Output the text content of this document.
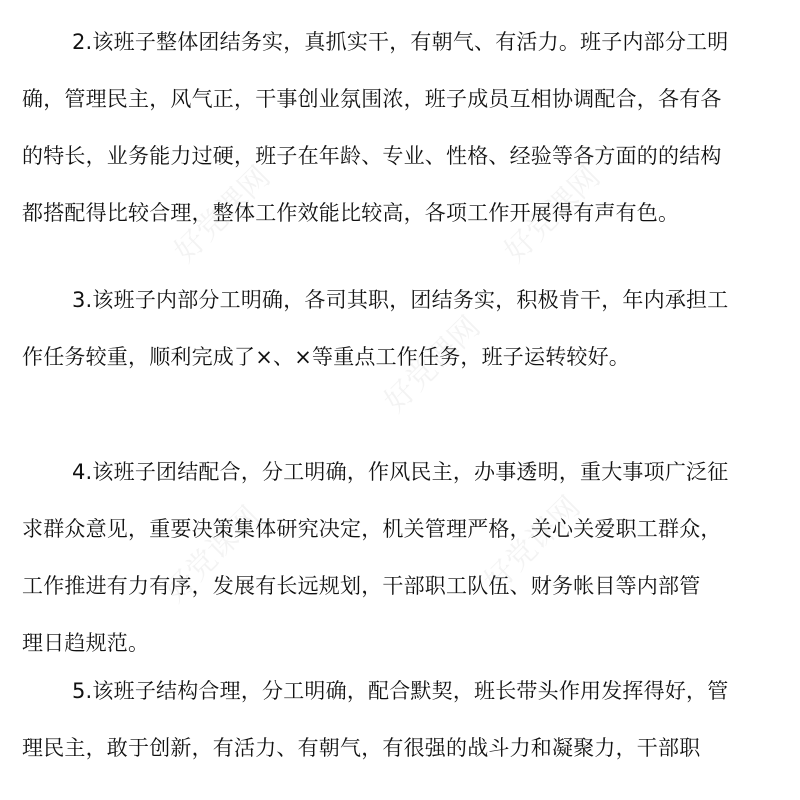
好党课网	好党课网
好党课网
好党课网	好党课网

2.该班子整体团结务实，真抓实干，有朝气、有活力。班子内部分工明
确，管理民主，风气正，干事创业氛围浓，班子成员互相协调配合，各有各
的特长，业务能力过硬，班子在年龄、专业、性格、经验等各方面的的结构
都搭配得比较合理，整体工作效能比较高，各项工作开展得有声有色。

3.该班子内部分工明确，各司其职，团结务实，积极肯干，年内承担工
作任务较重，顺利完成了×、×等重点工作任务，班子运转较好。

4.该班子团结配合，分工明确，作风民主，办事透明，重大事项广泛征
求群众意见，重要决策集体研究决定，机关管理严格，关心关爱职工群众，
工作推进有力有序，发展有长远规划，干部职工队伍、财务帐目等内部管
理日趋规范。

5.该班子结构合理，分工明确，配合默契，班长带头作用发挥得好，管
理民主，敢于创新，有活力、有朝气，有很强的战斗力和凝聚力，干部职
